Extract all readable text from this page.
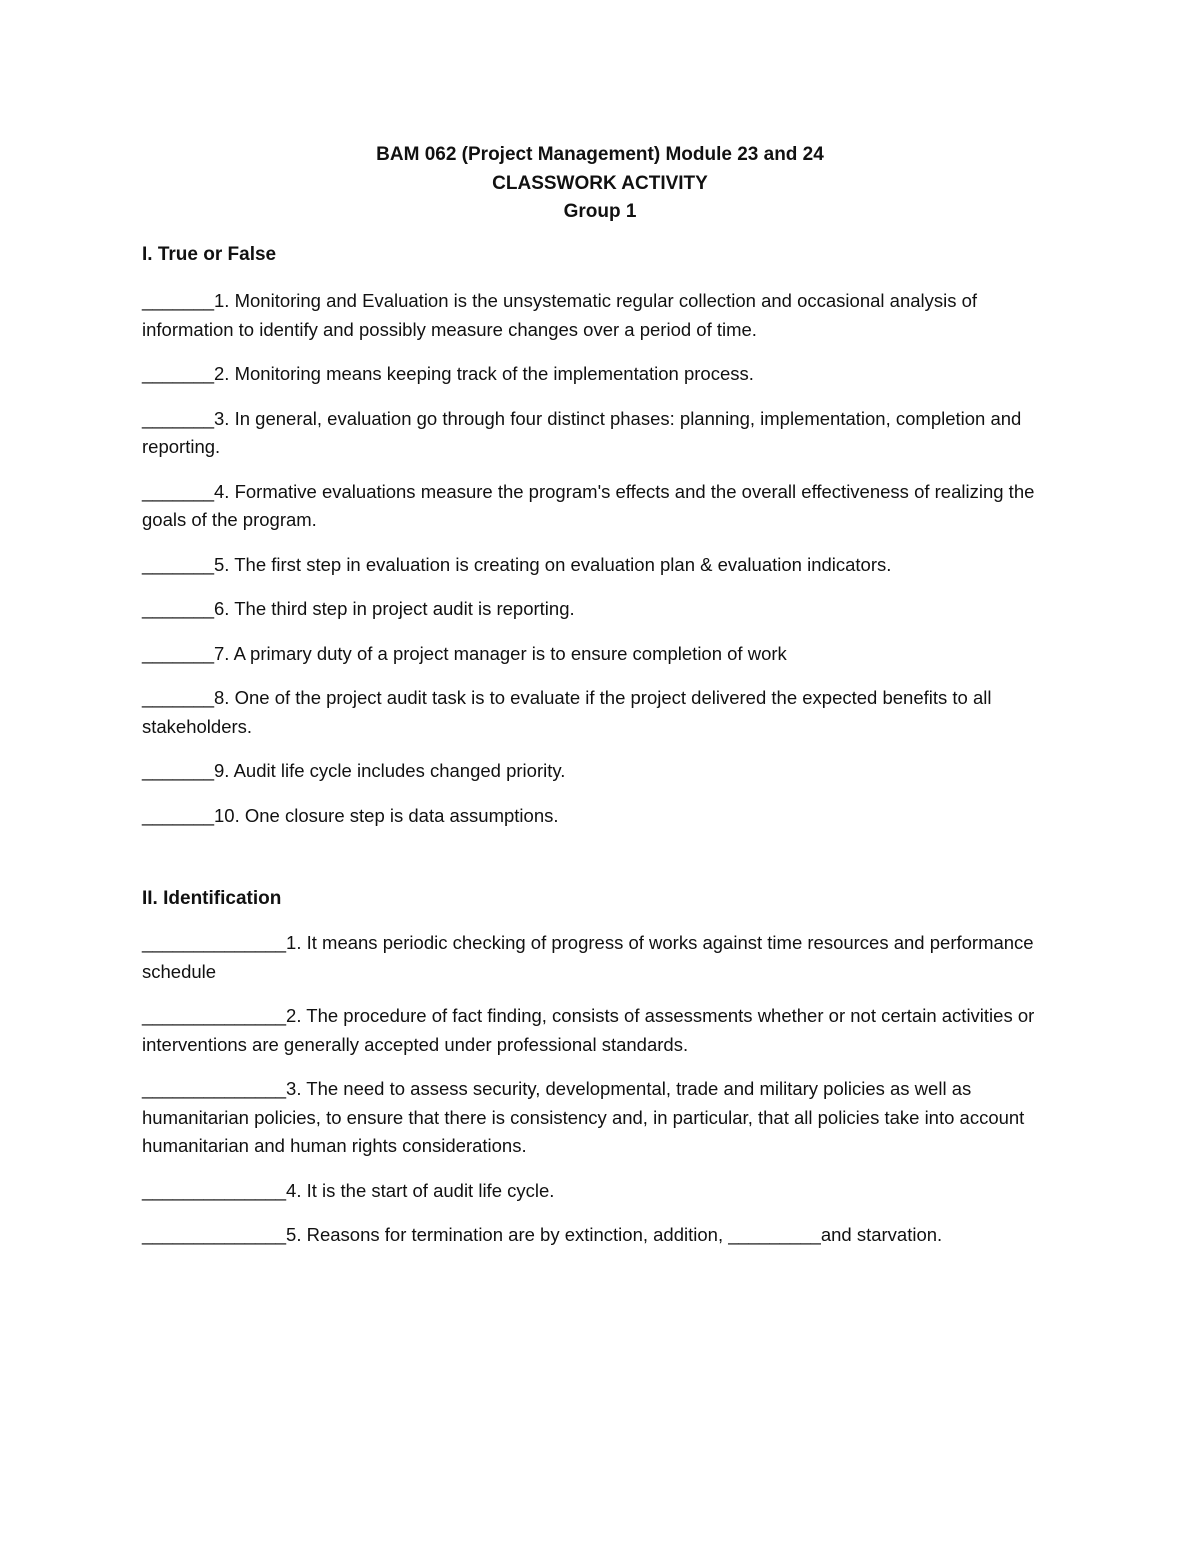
BAM 062 (Project Management) Module 23 and 24
CLASSWORK ACTIVITY
Group 1
I. True or False

_______1. Monitoring and Evaluation is the unsystematic regular collection and occasional analysis of information to identify and possibly measure changes over a period of time.

_______2. Monitoring means keeping track of the implementation process.

_______3. In general, evaluation go through four distinct phases: planning, implementation, completion and reporting.

_______4. Formative evaluations measure the program's effects and the overall effectiveness of realizing the goals of the program.

_______5. The first step in evaluation is creating on evaluation plan & evaluation indicators.

_______6. The third step in project audit is reporting.

_______7. A primary duty of a project manager is to ensure completion of work

_______8. One of the project audit task is to evaluate if the project delivered the expected benefits to all stakeholders.

_______9. Audit life cycle includes changed priority.

_______10. One closure step is data assumptions.

II. Identification

______________1. It means periodic checking of progress of works against time resources and performance schedule

______________2. The procedure of fact finding, consists of assessments whether or not certain activities or interventions are generally accepted under professional standards.

______________3. The need to assess security, developmental, trade and military policies as well as humanitarian policies, to ensure that there is consistency and, in particular, that all policies take into account humanitarian and human rights considerations.

______________4. It is the start of audit life cycle.

______________5. Reasons for termination are by extinction, addition, _________and starvation.
